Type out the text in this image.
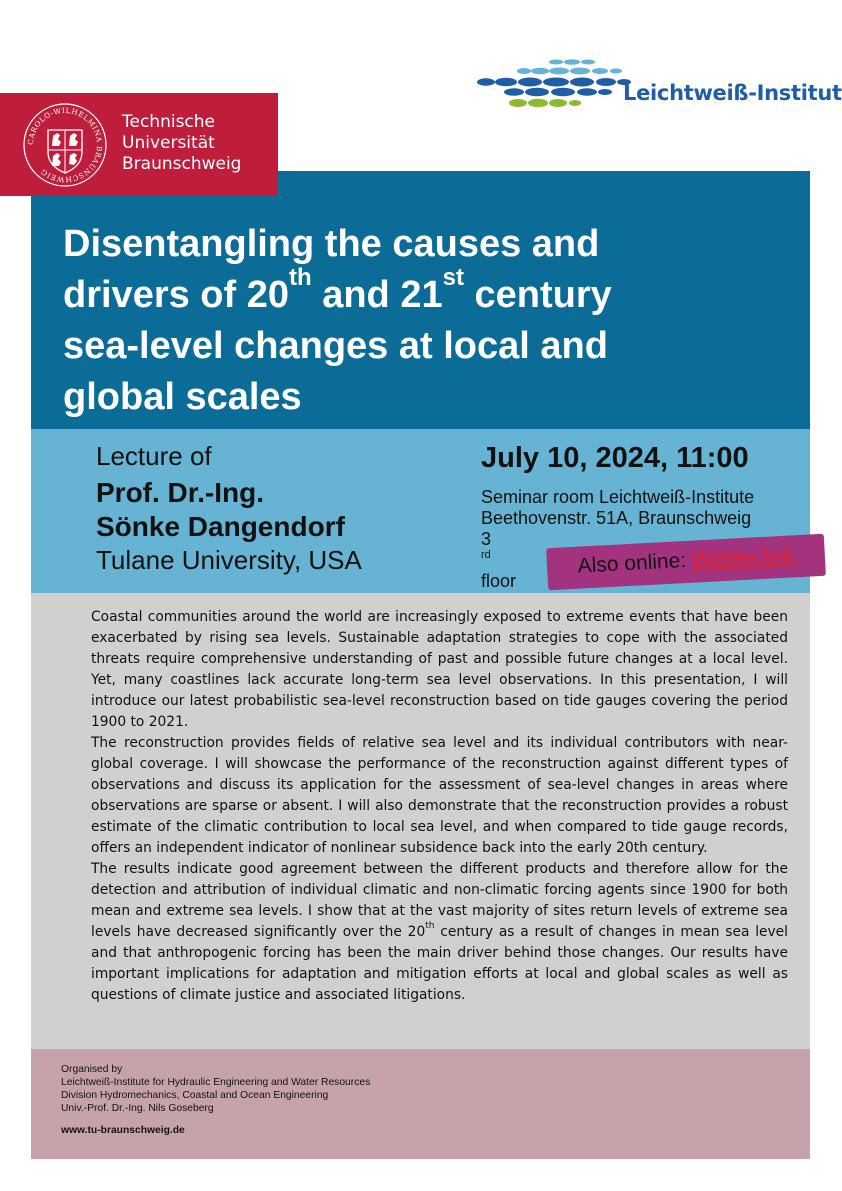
Leichtweiß-Institut
CAROLO-WILHELMINA BRAUNSCHWEIG
Technische
Universität
Braunschweig
Disentangling the causes and
drivers of 20th and 21st century
sea-level changes at local and
global scales
Lecture of
Prof. Dr.-Ing.
Sönke Dangendorf
Tulane University, USA
July 10, 2024, 11:00
Seminar room Leichtweiß-Institute
Beethovenstr. 51A, Braunschweig
3
$^{rd}$
floor
Also online: Webex link

Coastal communities around the world are increasingly exposed to extreme events that have been exacerbated by rising sea levels. Sustainable adaptation strategies to cope with the associated threats require comprehensive understanding of past and possible future changes at a local level. Yet, many coastlines lack accurate long-term sea level observations. In this presentation, I will introduce our latest probabilistic sea-level reconstruction based on tide gauges covering the period 1900 to 2021.

The reconstruction provides fields of relative sea level and its individual contributors with near-global coverage. I will showcase the performance of the reconstruction against different types of observations and discuss its application for the assessment of sea-level changes in areas where observations are sparse or absent. I will also demonstrate that the reconstruction provides a robust estimate of the climatic contribution to local sea level, and when compared to tide gauge records, offers an independent indicator of nonlinear subsidence back into the early 20th century.

The results indicate good agreement between the different products and therefore allow for the detection and attribution of individual climatic and non-climatic forcing agents since 1900 for both mean and extreme sea levels. I show that at the vast majority of sites return levels of extreme sea levels have decreased significantly over the 20th century as a result of changes in mean sea level and that anthropogenic forcing has been the main driver behind those changes. Our results have important implications for adaptation and mitigation efforts at local and global scales as well as questions of climate justice and associated litigations.

Organised by
Leichtweiß-Institute for Hydraulic Engineering and Water Resources
Division Hydromechanics, Coastal and Ocean Engineering
Univ.-Prof. Dr.-Ing. Nils Goseberg
www.tu-braunschweig.de
